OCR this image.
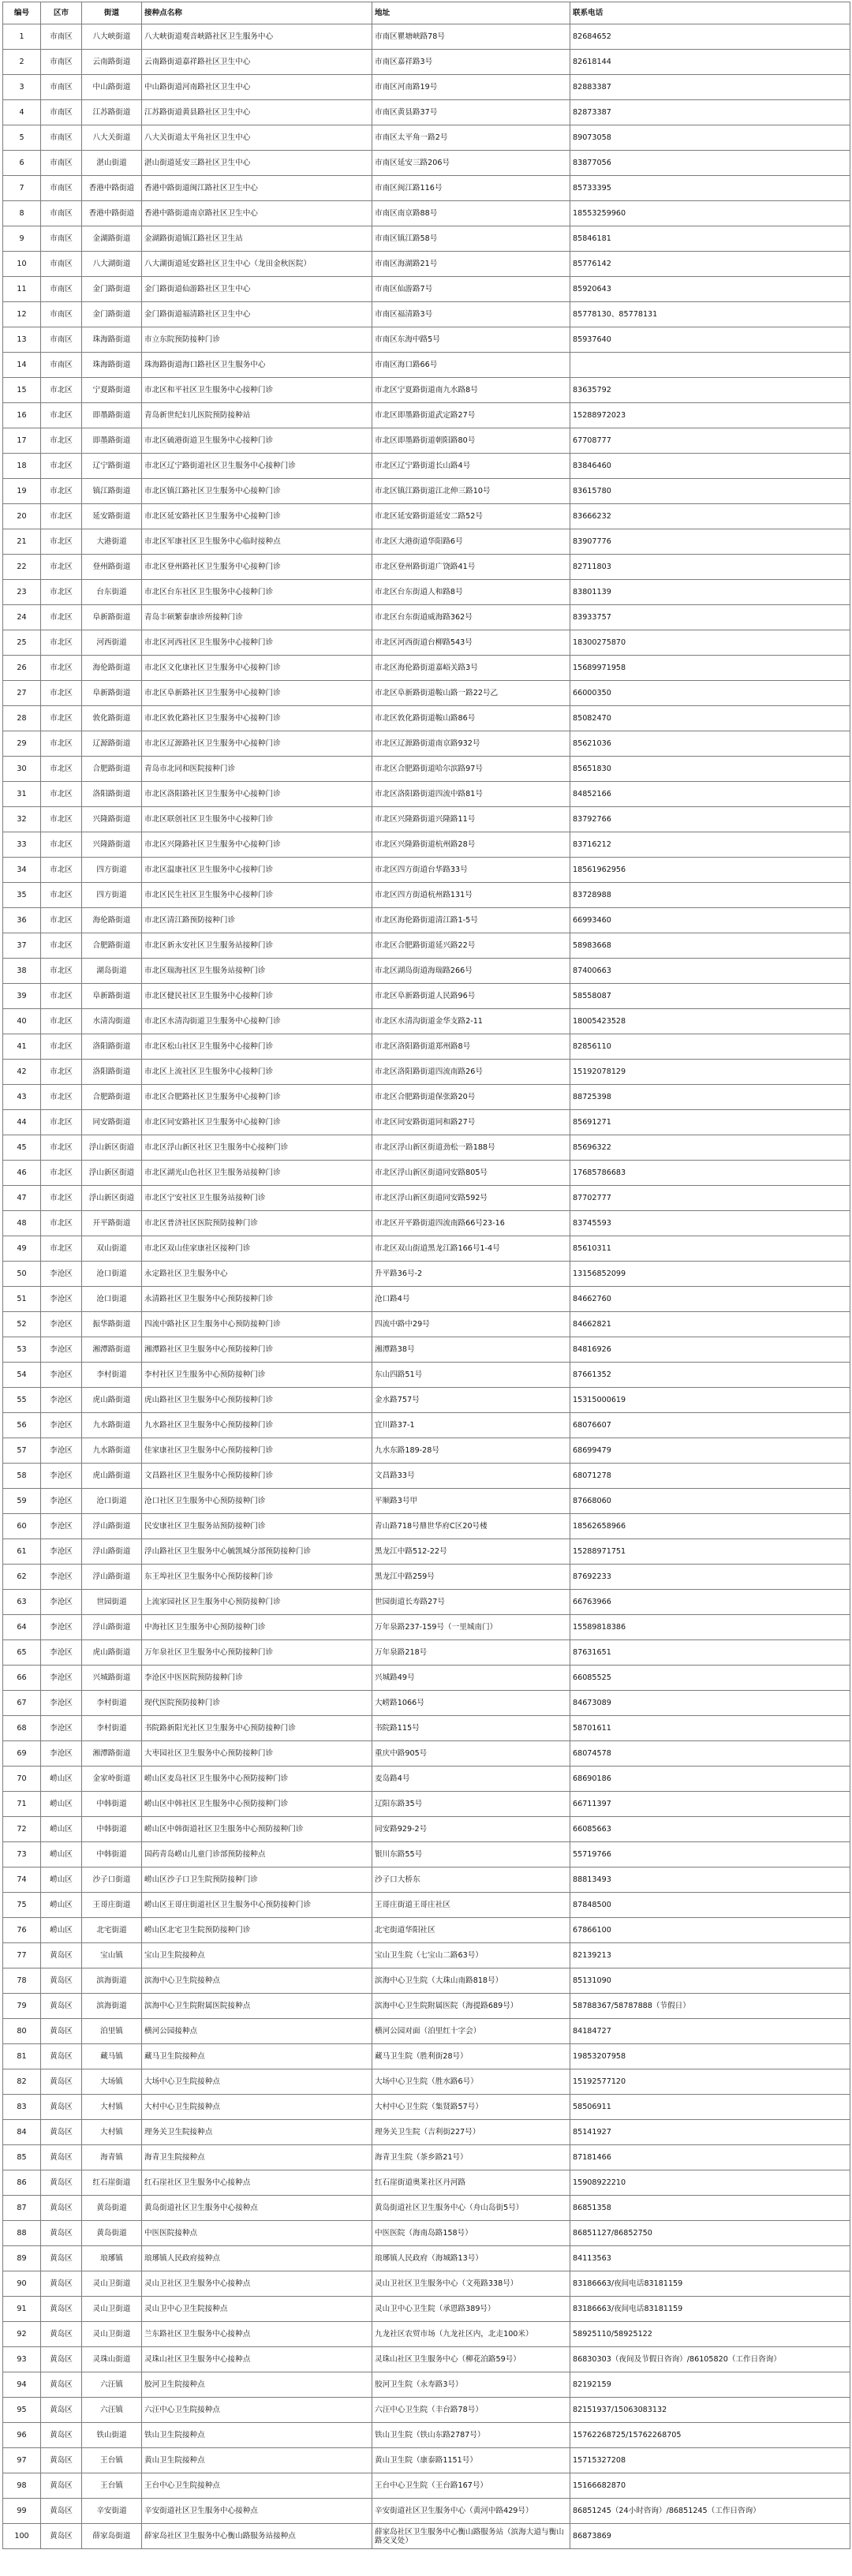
编号	区市	街道	接种点名称	地址	联系电话
1	市南区	八大峡街道	八大峡街道观音峡路社区卫生服务中心	市南区瞿塘峡路78号	82684652
2	市南区	云南路街道	云南路街道嘉祥路社区卫生中心	市南区嘉祥路3号	82618144
3	市南区	中山路街道	中山路街道河南路社区卫生中心	市南区河南路19号	82883387
4	市南区	江苏路街道	江苏路街道黄县路社区卫生中心	市南区黄县路37号	82873387
5	市南区	八大关街道	八大关街道太平角社区卫生中心	市南区太平角一路2号	89073058
6	市南区	湛山街道	湛山街道延安三路社区卫生中心	市南区延安三路206号	83877056
7	市南区	香港中路街道	香港中路街道闽江路社区卫生中心	市南区闽江路116号	85733395
8	市南区	香港中路街道	香港中路街道南京路社区卫生中心	市南区南京路88号	18553259960
9	市南区	金湖路街道	金湖路街道镇江路社区卫生站	市南区镇江路58号	85846181
10	市南区	八大湖街道	八大湖街道延安路社区卫生中心（龙田金秋医院）	市南区海湖路21号	85776142
11	市南区	金门路街道	金门路街道仙游路社区卫生中心	市南区仙游路7号	85920643
12	市南区	金门路街道	金门路街道福清路社区卫生中心	市南区福清路3号	85778130、85778131
13	市南区	珠海路街道	市立东院预防接种门诊	市南区东海中路5号	85937640
14	市南区	珠海路街道	珠海路街道海口路社区卫生服务中心	市南区海口路66号	
15	市北区	宁夏路街道	市北区和平社区卫生服务中心接种门诊	市北区宁夏路街道南九水路8号	83635792
16	市北区	即墨路街道	青岛新世纪妇儿医院预防接种站	市北区即墨路街道武定路27号	15288972023
17	市北区	即墨路街道	市北区硫港街道卫生服务中心接种门诊	市北区即墨路街道朝阳路80号	67708777
18	市北区	辽宁路街道	市北区辽宁路街道社区卫生服务中心接种门诊	市北区辽宁路街道长山路4号	83846460
19	市北区	镇江路街道	市北区镇江路社区卫生服务中心接种门诊	市北区镇江路街道江北伸三路10号	83615780
20	市北区	延安路街道	市北区延安路社区卫生服务中心接种门诊	市北区延安路街道延安二路52号	83666232
21	市北区	大港街道	市北区军康社区卫生服务中心临时接种点	市北区大港街道华阳路6号	83907776
22	市北区	登州路街道	市北区登州路社区卫生服务中心接种门诊	市北区登州路街道广饶路41号	82711803
23	市北区	台东街道	市北区台东社区卫生服务中心接种门诊	市北区台东街道人和路8号	83801139
24	市北区	阜新路街道	青岛丰硕繁泰康诊所接种门诊	市北区台东街道威海路362号	83933757
25	市北区	河西街道	市北区河西社区卫生服务中心接种门诊	市北区河西街道台柳路543号	18300275870
26	市北区	海伦路街道	市北区文化康社区卫生服务中心接种门诊	市北区海伦路街道嘉峪关路3号	15689971958
27	市北区	阜新路街道	市北区阜新路社区卫生服务中心接种门诊	市北区阜新路街道鞍山路一路22号乙	66000350
28	市北区	敦化路街道	市北区敦化路社区卫生服务中心接种门诊	市北区敦化路街道鞍山路86号	85082470
29	市北区	辽源路街道	市北区辽源路社区卫生服务中心接种门诊	市北区辽源路街道南京路932号	85621036
30	市北区	合肥路街道	青岛市北同和医院接种门诊	市北区合肥路街道哈尔滨路97号	85651830
31	市北区	洛阳路街道	市北区洛阳路社区卫生服务中心接种门诊	市北区洛阳路街道四流中路81号	84852166
32	市北区	兴隆路街道	市北区联创社区卫生服务中心接种门诊	市北区兴隆路街道兴隆路11号	83792766
33	市北区	兴隆路街道	市北区兴隆路社区卫生服务中心接种门诊	市北区兴隆路街道杭州路28号	83716212
34	市北区	四方街道	市北区温康社区卫生服务中心接种门诊	市北区四方街道台华路33号	18561962956
35	市北区	四方街道	市北区民生社区卫生服务中心接种门诊	市北区四方街道杭州路131号	83728988
36	市北区	海伦路街道	市北区清江路预防接种门诊	市北区海伦路街道清江路1-5号	66993460
37	市北区	合肥路街道	市北区新永安社区卫生服务站接种门诊	市北区合肥路街道延兴路22号	58983668
38	市北区	湖岛街道	市北区瑞海社区卫生服务站接种门诊	市北区湖岛街道海瑞路266号	87400663
39	市北区	阜新路街道	市北区健民社区卫生服务中心接种门诊	市北区阜新路街道人民路96号	58558087
40	市北区	水清沟街道	市北区水清沟街道卫生服务中心接种门诊	市北区水清沟街道金华支路2-11	18005423528
41	市北区	洛阳路街道	市北区松山社区卫生服务中心接种门诊	市北区洛阳路街道郑州路8号	82856110
42	市北区	洛阳路街道	市北区上流社区卫生服务中心接种门诊	市北区洛阳路街道四流南路26号	15192078129
43	市北区	合肥路街道	市北区合肥路社区卫生服务中心接种门诊	市北区合肥路街道保张路20号	88725398
44	市北区	同安路街道	市北区同安路社区卫生服务中心接种门诊	市北区同安路街道同和路27号	85691271
45	市北区	浮山新区街道	市北区浮山新区社区卫生服务中心接种门诊	市北区浮山新区街道劲松一路188号	85696322
46	市北区	浮山新区街道	市北区湖光山色社区卫生服务站接种门诊	市北区浮山新区街道同安路805号	17685786683
47	市北区	浮山新区街道	市北区宁安社区卫生服务站接种门诊	市北区浮山新区街道同安路592号	87702777
48	市北区	开平路街道	市北区普济社区医院预防接种门诊	市北区开平路街道四流南路66号23-16	83745593
49	市北区	双山街道	市北区双山佳家康社区接种门诊	市北区双山街道黑龙江路166号1-4号	85610311
50	李沧区	沧口街道	永定路社区卫生服务中心	升平路36号-2	13156852099
51	李沧区	沧口街道	永清路社区卫生服务中心预防接种门诊	沧口路4号	84662760
52	李沧区	振华路街道	四流中路社区卫生服务中心预防接种门诊	四流中路中29号	84662821
53	李沧区	湘潭路街道	湘潭路社区卫生服务中心预防接种门诊	湘潭路38号	84816926
54	李沧区	李村街道	李村社区卫生服务中心预防接种门诊	东山四路51号	87661352
55	李沧区	虎山路街道	虎山路社区卫生服务中心预防接种门诊	金水路757号	15315000619
56	李沧区	九水路街道	九水路社区卫生服务中心预防接种门诊	宜川路37-1	68076607
57	李沧区	九水路街道	佳家康社区卫生服务中心预防接种门诊	九水东路189-28号	68699479
58	李沧区	虎山路街道	文昌路社区卫生服务中心预防接种门诊	文昌路33号	68071278
59	李沧区	沧口街道	沧口社区卫生服务中心预防接种门诊	平顺路3号甲	87668060
60	李沧区	浮山路街道	民安康社区卫生服务站预防接种门诊	青山路718号鼎世华府C区20号楼	18562658966
61	李沧区	浮山路街道	浮山路社区卫生服务中心毓凯城分部预防接种门诊	黑龙江中路512-22号	15288971751
62	李沧区	浮山路街道	东王埠社区卫生服务中心预防接种门诊	黑龙江中路259号	87692233
63	李沧区	世园街道	上流家园社区卫生服务中心预防接种门诊	世园街道长寿路27号	66763966
64	李沧区	浮山路街道	中海社区卫生服务中心预防接种门诊	万年泉路237-159号（一里城南门）	15589818386
65	李沧区	虎山路街道	万年泉社区卫生服务中心预防接种门诊	万年泉路218号	87631651
66	李沧区	兴城路街道	李沧区中医医院预防接种门诊	兴城路49号	66085525
67	李沧区	李村街道	现代医院预防接种门诊	大崂路1066号	84673089
68	李沧区	李村街道	书院路新阳光社区卫生服务中心预防接种门诊	书院路115号	58701611
69	李沧区	湘潭路街道	大枣园社区卫生服务中心预防接种门诊	重庆中路905号	68074578
70	崂山区	金家岭街道	崂山区麦岛社区卫生服务中心预防接种门诊	麦岛路4号	68690186
71	崂山区	中韩街道	崂山区中韩社区卫生服务中心预防接种门诊	辽阳东路35号	66711397
72	崂山区	中韩街道	崂山区中韩街道社区卫生服务中心预防接种门诊	同安路929-2号	66085663
73	崂山区	中韩街道	国药青岛崂山儿童门诊部预防接种点	银川东路55号	55719766
74	崂山区	沙子口街道	崂山区沙子口卫生院预防接种门诊	沙子口大桥东	88813493
75	崂山区	王哥庄街道	崂山区王哥庄街道社区卫生服务中心预防接种门诊	王哥庄街道王哥庄社区	87848500
76	崂山区	北宅街道	崂山区北宅卫生院预防接种门诊	北宅街道华阳社区	67866100
77	黄岛区	宝山镇	宝山卫生院接种点	宝山卫生院（七宝山二路63号）	82139213
78	黄岛区	滨海街道	滨海中心卫生院接种点	滨海中心卫生院（大珠山南路818号）	85131090
79	黄岛区	滨海街道	滨海中心卫生院附属医院接种点	滨海中心卫生院附属医院（海提路689号）	58788367/58787888（节假日）
80	黄岛区	泊里镇	横河公园接种点	横河公园对面（泊里红十字会）	84184727
81	黄岛区	藏马镇	藏马卫生院接种点	藏马卫生院（胜利街28号）	19853207958
82	黄岛区	大场镇	大场中心卫生院接种点	大场中心卫生院（胜水路6号）	15192577120
83	黄岛区	大村镇	大村中心卫生院接种点	大村中心卫生院（集贤路57号）	58506911
84	黄岛区	大村镇	理务关卫生院接种点	理务关卫生院（吉利街227号）	85141927
85	黄岛区	海青镇	海青卫生院接种点	海青卫生院（茶乡路21号）	87181466
86	黄岛区	红石崖街道	红石崖社区卫生服务中心接种点	红石崖街道奥莱社区丹河路	15908922210
87	黄岛区	黄岛街道	黄岛街道社区卫生服务中心接种点	黄岛街道社区卫生服务中心（舟山岛街5号）	86851358
88	黄岛区	黄岛街道	中医医院接种点	中医医院（海南岛路158号）	86851127/86852750
89	黄岛区	琅琊镇	琅琊镇人民政府接种点	琅琊镇人民政府（海城路13号）	84113563
90	黄岛区	灵山卫街道	灵山卫社区卫生服务中心接种点	灵山卫社区卫生服务中心（文苑路338号）	83186663/夜间电话83181159
91	黄岛区	灵山卫街道	灵山卫中心卫生院接种点	灵山卫中心卫生院（承恩路389号）	83186663/夜间电话83181159
92	黄岛区	灵山卫街道	兰东路社区卫生服务中心接种点	九龙社区农贸市场（九龙社区内，北走100米）	58925110/58925122
93	黄岛区	灵珠山街道	灵珠山社区卫生服务中心接种点	灵珠山社区卫生服务中心（柳花泊路59号）	86830303（夜间及节假日咨询）/86105820（工作日咨询）
94	黄岛区	六汪镇	胶河卫生院接种点	胶河卫生院（永寿路3号）	82192159
95	黄岛区	六汪镇	六汪中心卫生院接种点	六汪中心卫生院（丰台路78号）	82151937/15063083132
96	黄岛区	铁山街道	铁山卫生院接种点	铁山卫生院（铁山东路2787号）	15762268725/15762268705
97	黄岛区	王台镇	黄山卫生院接种点	黄山卫生院（康泰路1151号）	15715327208
98	黄岛区	王台镇	王台中心卫生院接种点	王台中心卫生院（王台路167号）	15166682870
99	黄岛区	辛安街道	辛安街道社区卫生服务中心接种点	辛安街道社区卫生服务中心（黄河中路429号）	86851245（24小时咨询）/86851245（工作日咨询）
100	黄岛区	薛家岛街道	薛家岛社区卫生服务中心衡山路服务站接种点	薛家岛社区卫生服务中心衡山路服务站（滨海大道与衡山路交叉处）	86873869
